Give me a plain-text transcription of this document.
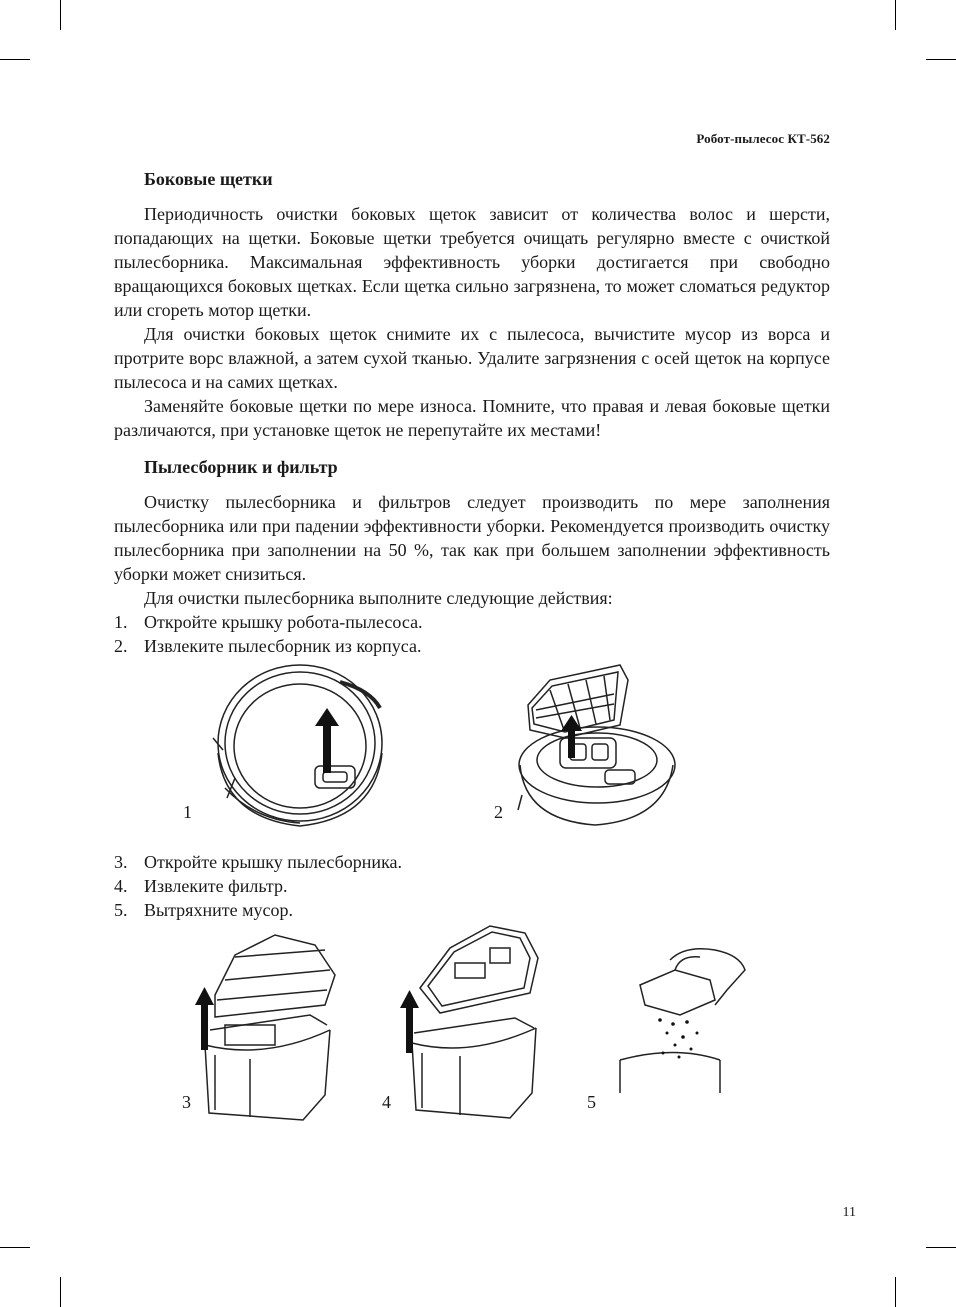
Робот-пылесос КТ-562
Боковые щетки

Периодичность очистки боковых щеток зависит от количества волос и шерсти, попадающих на щетки. Боковые щетки требуется очищать регулярно вместе с очисткой пылесборника. Максимальная эффективность уборки достигается при свободно вращающихся боковых щетках. Если щетка сильно загрязнена, то может сломаться редуктор или сгореть мотор щетки.

Для очистки боковых щеток снимите их с пылесоса, вычистите мусор из ворса и протрите ворс влажной, а затем сухой тканью. Удалите загрязнения с осей щеток на корпусе пылесоса и на самих щетках.

Заменяйте боковые щетки по мере износа. Помните, что правая и левая боковые щетки различаются, при установке щеток не перепутайте их местами!

Пылесборник и фильтр

Очистку пылесборника и фильтров следует производить по мере заполнения пылесборника или при падении эффективности уборки. Рекомендуется производить очистку пылесборника при заполнении на 50 %, так как при большем заполнении эффективность уборки может снизиться.

Для очистки пылесборника выполните следующие действия:

1. Откройте крышку робота-пылесоса.
2. Извлеките пылесборник из корпуса.
3. Откройте крышку пылесборника.
4. Извлеките фильтр.
5. Вытряхните мусор.
1	2
3	4	5
11
